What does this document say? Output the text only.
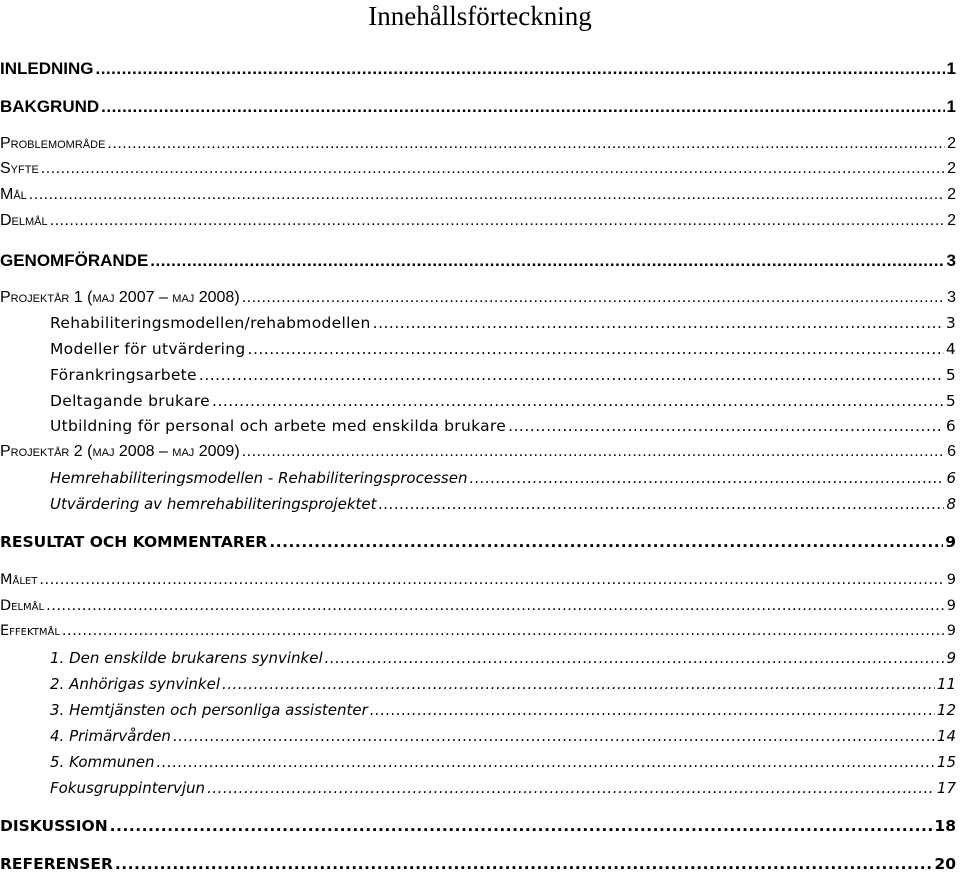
Innehållsförteckning
INLEDNING .....	1
BAKGRUND .....	1
Problemområde .....	2
Syfte .....	2
Mål .....	2
Delmål .....	2
GENOMFÖRANDE .....	3
Projektår 1 (maj 2007 – maj 2008) .....	3
Rehabiliteringsmodellen/rehabmodellen .....	3
Modeller för utvärdering .....	4
Förankringsarbete .....	5
Deltagande brukare .....	5
Utbildning för personal och arbete med enskilda brukare .....	6
Projektår 2 (maj 2008 – maj 2009) .....	6
Hemrehabiliteringsmodellen - Rehabiliteringsprocessen .....	6
Utvärdering av hemrehabiliteringsprojektet .....	8
RESULTAT OCH KOMMENTARER .....	9
Målet .....	9
Delmål .....	9
Effektmål .....	9
1. Den enskilde brukarens synvinkel .....	9
2. Anhörigas synvinkel .....	11
3. Hemtjänsten och personliga assistenter .....	12
4. Primärvården .....	14
5. Kommunen .....	15
Fokusgruppintervjun .....	17
DISKUSSION .....	18
REFERENSER .....	20
